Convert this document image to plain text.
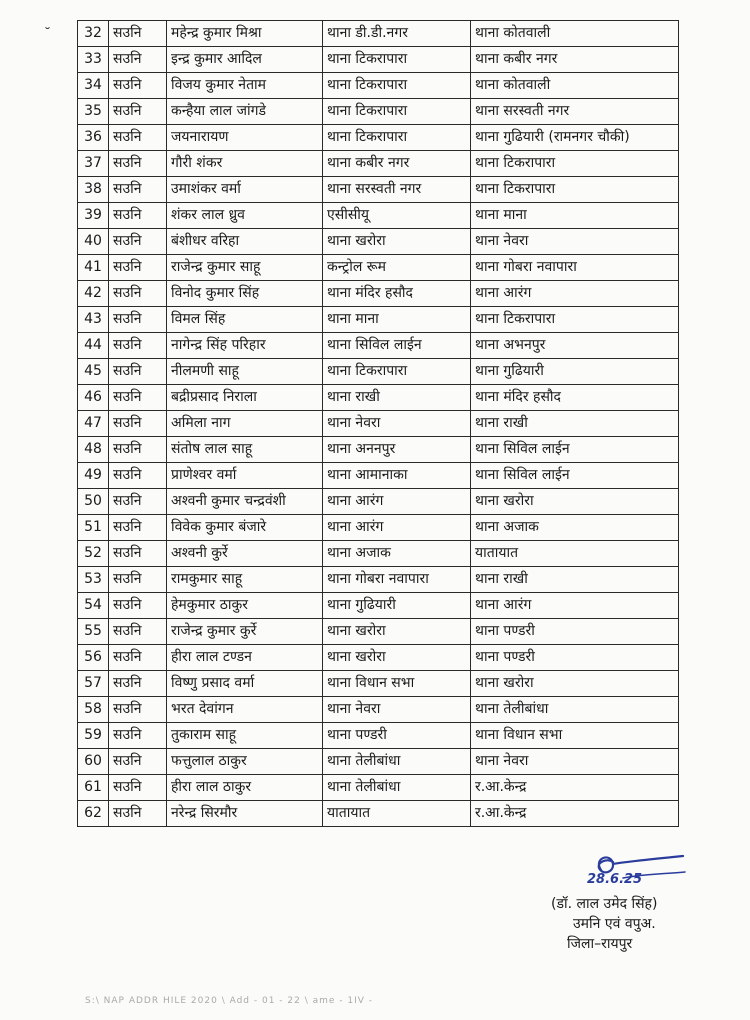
˘ 32	सउनि	महेन्द्र कुमार मिश्रा	थाना डी.डी.नगर	थाना कोतवाली
33	सउनि	इन्द्र कुमार आदिल	थाना टिकरापारा	थाना कबीर नगर
34	सउनि	विजय कुमार नेताम	थाना टिकरापारा	थाना कोतवाली
35	सउनि	कन्हैया लाल जांगडे	थाना टिकरापारा	थाना सरस्वती नगर
36	सउनि	जयनारायण	थाना टिकरापारा	थाना गुढियारी (रामनगर चौकी)
37	सउनि	गौरी शंकर	थाना कबीर नगर	थाना टिकरापारा
38	सउनि	उमाशंकर वर्मा	थाना सरस्वती नगर	थाना टिकरापारा
39	सउनि	शंकर लाल ध्रुव	एसीसीयू	थाना माना
40	सउनि	बंशीधर वरिहा	थाना खरोरा	थाना नेवरा
41	सउनि	राजेन्द्र कुमार साहू	कन्ट्रोल रूम	थाना गोबरा नवापारा
42	सउनि	विनोद कुमार सिंह	थाना मंदिर हसौद	थाना आरंग
43	सउनि	विमल सिंह	थाना माना	थाना टिकरापारा
44	सउनि	नागेन्द्र सिंह परिहार	थाना सिविल लाईन	थाना अभनपुर
45	सउनि	नीलमणी साहू	थाना टिकरापारा	थाना गुढियारी
46	सउनि	बद्रीप्रसाद निराला	थाना राखी	थाना मंदिर हसौद
47	सउनि	अमिला नाग	थाना नेवरा	थाना राखी
48	सउनि	संतोष लाल साहू	थाना अननपुर	थाना सिविल लाईन
49	सउनि	प्राणेश्वर वर्मा	थाना आमानाका	थाना सिविल लाईन
50	सउनि	अश्वनी कुमार चन्द्रवंशी	थाना आरंग	थाना खरोरा
51	सउनि	विवेक कुमार बंजारे	थाना आरंग	थाना अजाक
52	सउनि	अश्वनी कुर्रे	थाना अजाक	यातायात
53	सउनि	रामकुमार साहू	थाना गोबरा नवापारा	थाना राखी
54	सउनि	हेमकुमार ठाकुर	थाना गुढियारी	थाना आरंग
55	सउनि	राजेन्द्र कुमार कुर्रे	थाना खरोरा	थाना पण्डरी
56	सउनि	हीरा लाल टण्डन	थाना खरोरा	थाना पण्डरी
57	सउनि	विष्णु प्रसाद वर्मा	थाना विधान सभा	थाना खरोरा
58	सउनि	भरत देवांगन	थाना नेवरा	थाना तेलीबांधा
59	सउनि	तुकाराम साहू	थाना पण्डरी	थाना विधान सभा
60	सउनि	फत्तुलाल ठाकुर	थाना तेलीबांधा	थाना नेवरा
61	सउनि	हीरा लाल ठाकुर	थाना तेलीबांधा	र.आ.केन्द्र
62	सउनि	नरेन्द्र सिरमौर	यातायात	र.आ.केन्द्र
28.6.25
(डॉ. लाल उमेद सिंह)
उमनि एवं वपुअ.
जिला–रायपुर
S:\ NAP ADDR HILE 2020 \ Add - 01 - 22 \ ame - 1IV -
